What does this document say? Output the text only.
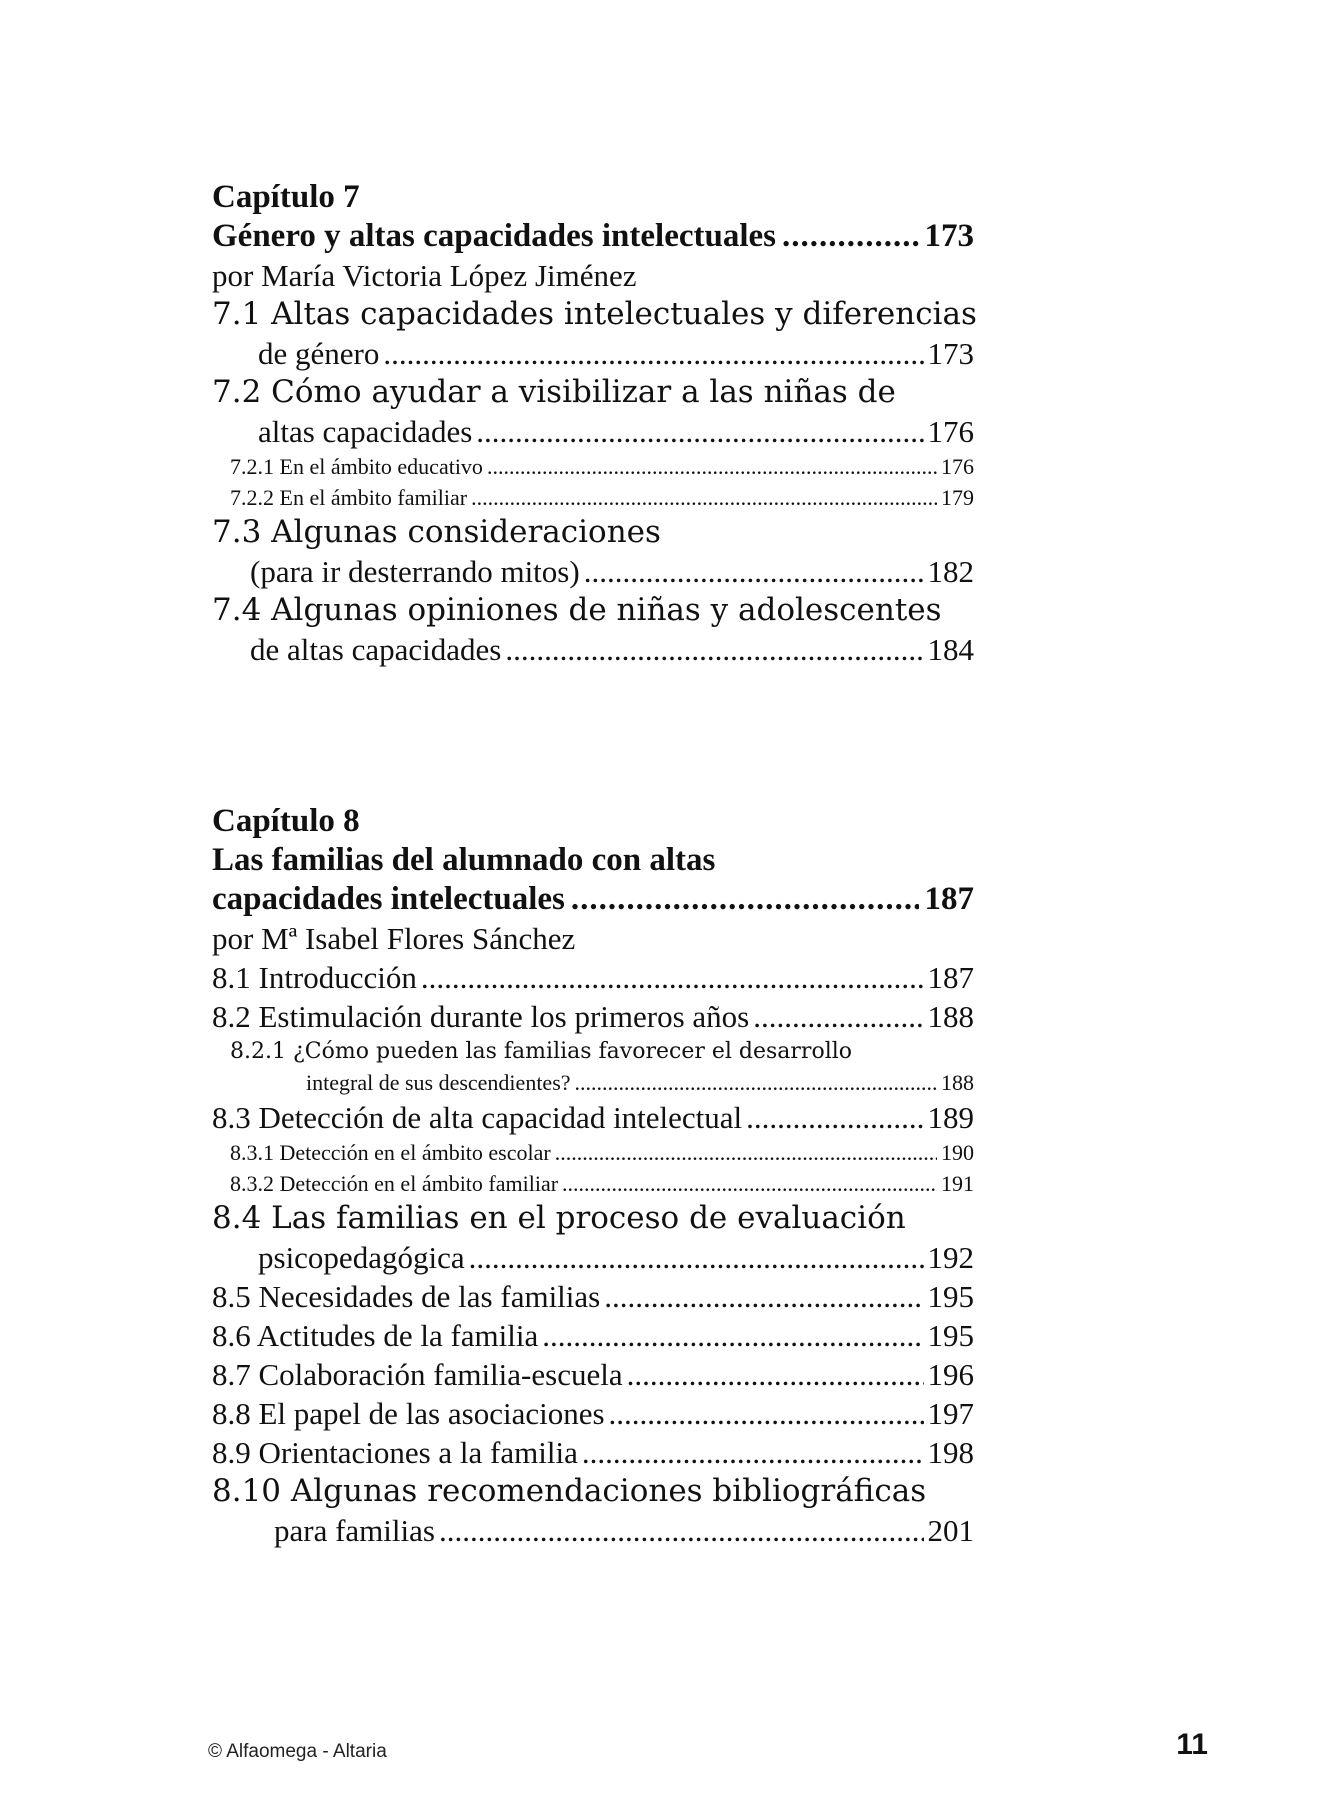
Capítulo 7
Género y altas capacidades intelectuales .....	173
por María Victoria López Jiménez
7.1 Altas capacidades intelectuales y diferencias
de género .....	173
7.2 Cómo ayudar a visibilizar a las niñas de
altas capacidades .....	176
7.2.1 En el ámbito educativo .....	176
7.2.2 En el ámbito familiar .....	179
7.3 Algunas consideraciones
(para ir desterrando mitos) .....	182
7.4 Algunas opiniones de niñas y adolescentes
de altas capacidades .....	184
Capítulo 8
Las familias del alumnado con altas
capacidades intelectuales .....	187
por Mª Isabel Flores Sánchez
8.1 Introducción .....	187
8.2 Estimulación durante los primeros años .....	188
8.2.1 ¿Cómo pueden las familias favorecer el desarrollo
integral de sus descendientes? .....	188
8.3 Detección de alta capacidad intelectual .....	189
8.3.1 Detección en el ámbito escolar .....	190
8.3.2 Detección en el ámbito familiar .....	191
8.4 Las familias en el proceso de evaluación
psicopedagógica .....	192
8.5 Necesidades de las familias .....	195
8.6 Actitudes de la familia .....	195
8.7 Colaboración familia-escuela .....	196
8.8 El papel de las asociaciones .....	197
8.9 Orientaciones a la familia .....	198
8.10 Algunas recomendaciones bibliográficas
para familias .....	201
© Alfaomega - Altaria	11
